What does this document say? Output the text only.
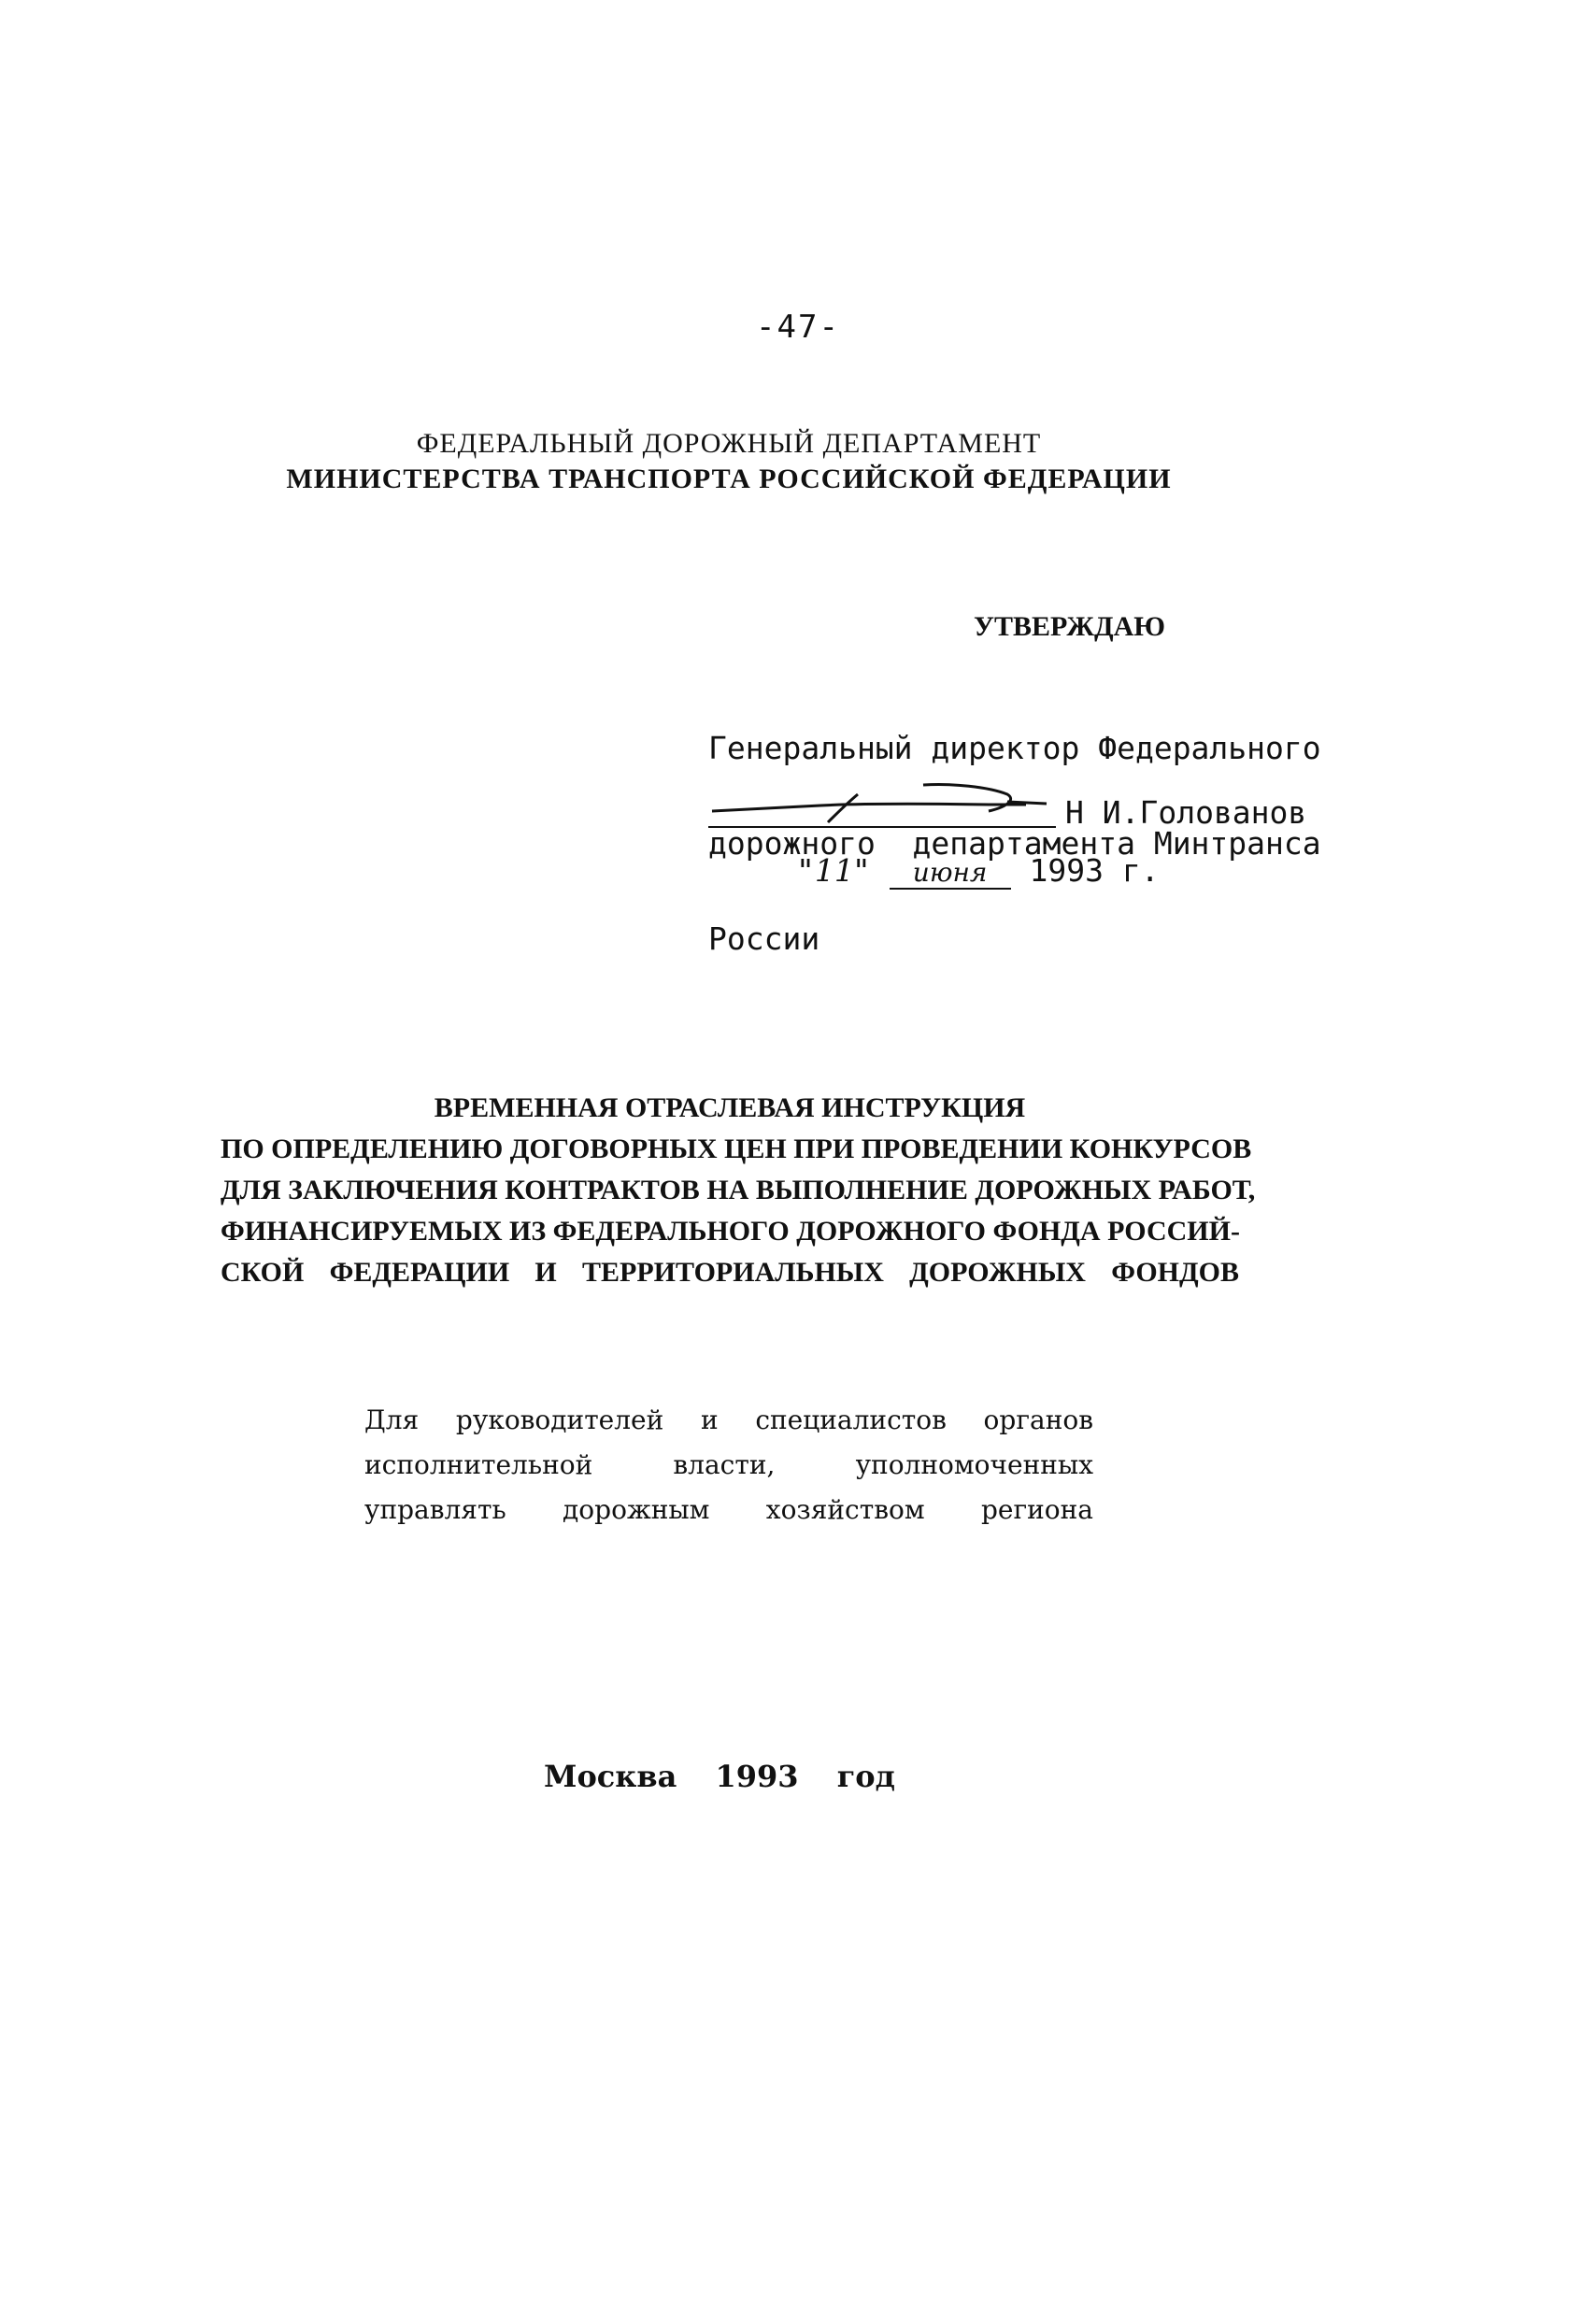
-47-
ФЕДЕРАЛЬНЫЙ ДОРОЖНЫЙ ДЕПАРТАМЕНТ
МИНИСТЕРСТВА ТРАНСПОРТА РОССИЙСКОЙ ФЕДЕРАЦИИ
УТВЕРЖДАЮ

Генеральный директор Федерального

дорожного  департамента Минтранса

России

Н И.Голованов
"11" июня 1993 г.
ВРЕМЕННАЯ ОТРАСЛЕВАЯ ИНСТРУКЦИЯ
ПО ОПРЕДЕЛЕНИЮ ДОГОВОРНЫХ ЦЕН ПРИ ПРОВЕДЕНИИ КОНКУРСОВ
ДЛЯ ЗАКЛЮЧЕНИЯ КОНТРАКТОВ НА ВЫПОЛНЕНИЕ ДОРОЖНЫХ РАБОТ,
ФИНАНСИРУЕМЫХ ИЗ ФЕДЕРАЛЬНОГО ДОРОЖНОГО ФОНДА РОССИЙ-
СКОЙ ФЕДЕРАЦИИ И ТЕРРИТОРИАЛЬНЫХ ДОРОЖНЫХ ФОНДОВ
Для руководителей и специалистов органов
исполнительной власти, уполномоченных
управлять дорожным хозяйством региона
Москва 1993 год
